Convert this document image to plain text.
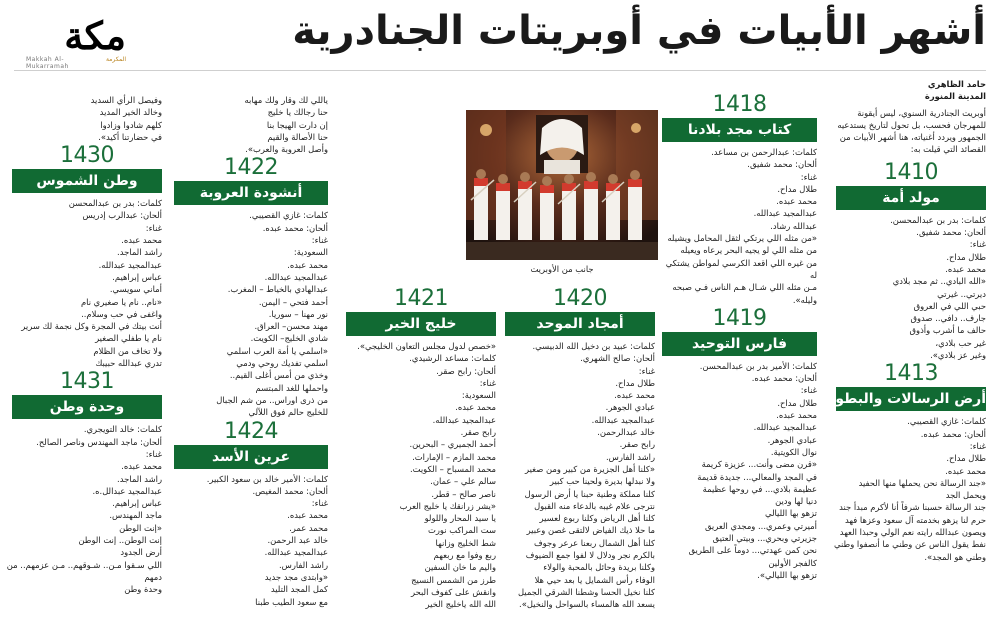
أشهر الأبيات في أوبريتات الجنادرية
مكة
Makkah Al-Mukarramah
المكرمة

حامد الظاهري

المدينة المنورة

أوبريت الجنادرية السنوي، ليس أيقونة

للمهرجان فحسب، بل تحول لتاريخ يستدعيه

الجمهور ويردد أغنياته، هنا أشهر الأبيات من

القصائد التي قيلت به:

1410
مولد أمة
كلمات: بدر بن عبدالمحسن.
ألحان: محمد شفيق.
غناء:
طلال مداح.
محمد عبده.
«الله البادي.. ثم مجد بلادي
ديرتي.. غيرتي
حبي اللي في العروق
جارف.. دافي.. صدوق
حالف ما أشرب وأذوق
غير حب بلادي،
وغير عز بلادي».
1413
أرض الرسالات والبطولات
كلمات: غازي القصيبي.
ألحان: محمد عبده.
غناء:
طلال مداح.
محمد عبده.
«جند الرسالة نحن يحملها منها الحفيد
ويحمل الجد
جند الرسالة حسبنا شرفاً أنا لأكرم مبدأ جند
حرم لنا يزهو بخدمته آل سعود وعزها فهد
ويصون عبدالله رايته نعم الولي وحبذا العهد
نفط يقول الناس عن وطني ما أنصفوا وطني
وطني هو المجد».
1418
كتاب مجد بلادنا
كلمات: عبدالرحمن بن مساعد.
ألحان: محمد شفيق.
غناء:
طلال مداح.
محمد عبده.
عبدالمجيد عبدالله.
عبدالله رشاد.
«من مثله اللي يرتكي لثقل المحامل ويشيله
من مثله اللي لو يجيه البحر يرعاه ويعيله
من غيره اللي اقعد الكرسي لمواطن يشتكي
له
مـن مثله اللي شـال هـم الناس فـي صبحه
وليله».
1419
فارس التوحيد
كلمات: الأمير بدر بن عبدالمحسن.
ألحان: محمد عبده.
غناء:
طلال مداح.
محمد عبده.
عبدالمجيد عبدالله.
عبادي الجوهر.
نوال الكويتية.
«قرن مضى وأنت... عزيزة كريمة
في المجد والمعالي... جديدة قديمة
عظيمة بلادي... في روحها عظيمة
دنيا لها ودين
تزهو بها الليالي
أميرتي وعمري... ومجدي العريق
جزيرتي وبحري... وبيتي العتيق
نحن كمن عهدتي... دوماً على الطريق
كالفجر الأولين
تزهو بها الليالي».

جانب من الأوبريت

1420
أمجاد الموحد
كلمات: عبيد بن دخيل الله الدبيسي.
ألحان: صالح الشهري.
غناء:
طلال مداح.
محمد عبده.
عبادي الجوهر.
عبدالمجيد عبدالله.
خالد عبدالرحمن.
رابح صقر.
راشد الفارس.
«كلنا أهل الجزيرة من كبير ومن صغير
ولا نبدلها بديرة ولحينا حب كبير
كلنا مملكة وطنية حبنا يا أرض الرسول
نترجى علام غيبه بالدعاء منه القبول
كلنا أهل الرياض وكلنا ربوع لعسير
ما حلا ذيك الفياض لالتقى غصن وعبير
كلنا أهل الشمال ربعنا عرعر وجوف
بالكرم نجر ودلال لا لفوا جمع الضيوف
وكلنا بريدة وحائل بالمحبة والولاء
الوفاء رأس الشمايل يا بعد حيي هلا
كلنا نخيل الحسا وشطنا الشرقي الجميل
يسعد الله هالمساء بالسواحل والنخيل».
1421
خليج الخير
«خصص لدول مجلس التعاون الخليجي».
كلمات: مساعد الرشيدي.
ألحان: رابح صقر.
غناء:
السعودية:
محمد عبده.
عبدالمجيد عبدالله.
رابح صقر.
أحمد الجميري – البحرين.
محمد المازم – الإمارات.
محمد المسباح – الكويت.
سالم علي – عمان.
ناصر صالح – قطر.
«يشر زرانقك يا خليج العرب
يا سيد المحار واللولو
ست المراكب نورت
شط الخليج وزانها
ربع وفوا مع ربعهم
واليم ما خان السفين
طرز من الشمس النسيج
وانقش على كفوف البحر
الله الله ياخليج الخير
ياللي لك وقار ولك مهابه
حنا رجالك يا خليج
إن دارت الهيجا بنا
حنا الأصالة والقيم
وأصل العروبة والعرب».
1422
أنشودة العروبة
كلمات: غازي القصيبي.
ألحان: محمد عبده.
غناء:
السعودية:
محمد عبده.
عبدالمجيد عبدالله.
عبدالهادي بالخياط – المغرب.
أحمد فتحي – اليمن.
نور مهنا – سوريا.
مهند محسن– العراق.
شادي الخليج– الكويت.
«اسلمي يا أمة العرب اسلمي
اسلمي تفديك روحي ودمي
وخذي من أمس أغلى القيم..
واحملها للغد المبتسم
من ذرى اوراس.. من شم الجبال
للخليج حالم فوق اللآلي
1424
عرين الأسد
كلمات: الأمير خالد بن سعود الكبير.
ألحان: محمد المغيص.
غناء:
محمد عبده.
محمد عمر.
خالد عبد الرحمن.
عبدالمجيد عبدالله.
راشد الفارس.
«وابتدى مجد جديد
كمل المجد التليد
مع سعود الطيب طبنا
وفيصل الرأي السديد
وخالد الخير المديد
كلهم شادوا وزادوا
في حضارتنا أكيد».
1430
وطن الشموس
كلمات: بدر بن عبدالمحسن
ألحان: عبدالرب إدريس
غناء:
محمد عبده.
راشد الماجد.
عبدالمجيد عبدالله.
عباس إبراهيم.
أماني سويسي.
«نام.. نام يا صغيري نام
واغفى في حب وسلام..
أنت بيتك في المجرة وكل نجمة لك سرير
نام يا طفلي الصغير
ولا تخاف من الظلام
تدري عبدالله حبيبك
1431
وحدة وطن
كلمات: خالد التويجري.
ألحان: ماجد المهندس وناصر الصالح.
غناء:
محمد عبده.
راشد الماجد.
عبدالمجيد عبدالل.ه.
عباس إبراهيم.
ماجد المهندس.
«إنت الوطن
إنت الوطن.. إنت الوطن
أرض الجدود
اللي سـقوا مـن.. شـوقهم.. مـن عزمهم.. من
دمهم
وحدة وطن
